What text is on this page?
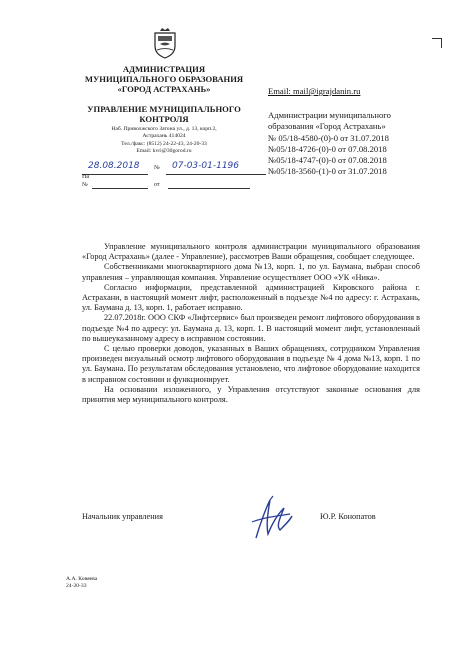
АДМИНИСТРАЦИЯ
МУНИЦИПАЛЬНОГО ОБРАЗОВАНИЯ
«ГОРОД АСТРАХАНЬ»
УПРАВЛЕНИЕ МУНИЦИПАЛЬНОГО
КОНТРОЛЯ
Наб. Приволжского Затона ул., д. 13, корп.2,
Астрахань 414024
Тел./факс: (8512) 24-22-43, 24-20-33
Email: kvri@30gorod.ru
28.08.2018 № 07-03-01-1196
На
№	от
Email: mail@igrajdanin.ru
Администрации муниципального
образования «Город Астрахань»
№ 05/18-4580-(0)-0 от 31.07.2018
№05/18-4726-(0)-0 от 07.08.2018
№05/18-4747-(0)-0 от 07.08.2018
№05/18-3560-(1)-0 от 31.07.2018

Управление муниципального контроля администрации муниципального образования «Город Астрахань» (далее - Управление), рассмотрев Ваши обращения, сообщает следующее.

Собственниками многоквартирного дома №13, корп. 1, по ул. Баумана, выбран способ управления – управляющая компания. Управление осуществляет ООО «УК «Ника».

Согласно информации, представленной администрацией Кировского района г. Астрахани, в настоящий момент лифт, расположенный в подъезде №4 по адресу: г. Астрахань, ул. Баумана д. 13, корп. 1, работает исправно.

22.07.2018г. ООО СКФ «Лифтсервис» был произведен ремонт лифтового оборудования в подъезде №4 по адресу: ул. Баумана д. 13, корп. 1. В настоящий момент лифт, установленный по вышеуказанному адресу в исправном состоянии.

С целью проверки доводов, указанных в Ваших обращениях, сотрудником Управления произведен визуальный осмотр лифтового оборудования в подъезде № 4 дома №13, корп. 1 по ул. Баумана. По результатам обследования установлено, что лифтовое оборудование находится в исправном состоянии и функционирует.

На основании изложенного, у Управления отсутствуют законные основания для принятия мер муниципального контроля.

Начальник управления	Ю.Р. Конопатов
А.А. Ковяева
24-20-33
